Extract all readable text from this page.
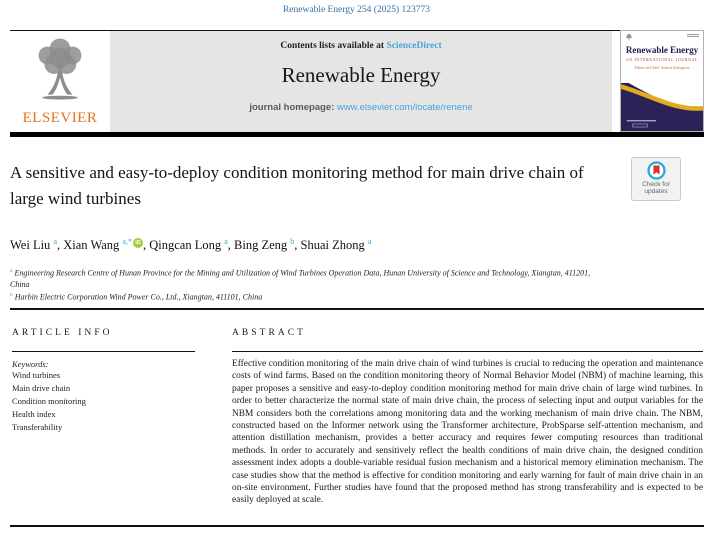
Renewable Energy 254 (2025) 123773
ELSEVIER
Contents lists available at ScienceDirect
Renewable Energy
journal homepage: www.elsevier.com/locate/renene
Renewable Energy
AN INTERNATIONAL JOURNAL
Editor-in-Chief: Soteris Kalogirou
A sensitive and easy-to-deploy condition monitoring method for main drive chain of large wind turbines
Check for updates
Wei Liu $^a$, Xian Wang $^{a,*}$ iD , Qingcan Long $^a$, Bing Zeng $^b$, Shuai Zhong $^a$
$^a$ Engineering Research Centre of Hunan Province for the Mining and Utilization of Wind Turbines Operation Data, Hunan University of Science and Technology, Xiangtan, 411201, China
$^b$ Harbin Electric Corporation Wind Power Co., Ltd., Xiangtan, 411101, China
ARTICLE INFO
Keywords:
Wind turbines
Main drive chain
Condition monitoring
Health index
Transferability
ABSTRACT
Effective condition monitoring of the main drive chain of wind turbines is crucial to reducing the operation and maintenance costs of wind farms. Based on the condition monitoring theory of Normal Behavior Model (NBM) of machine learning, this paper proposes a sensitive and easy-to-deploy condition monitoring method for main drive chain of large wind turbines. In order to better characterize the normal state of main drive chain, the process of selecting input and output variables for the NBM considers both the correlations among monitoring data and the working mechanism of main drive chain. The NBM, constructed based on the Informer network using the Transformer architecture, ProbSparse self-attention mechanism, and attention distillation mechanism, provides a better accuracy and requires fewer computing resources than traditional methods. In order to accurately and sensitively reflect the health conditions of main drive chain, the designed condition assessment index adopts a double-variable residual fusion mechanism and a historical memory elimination mechanism. The case studies show that the method is effective for condition monitoring and early warning for fault of main drive chain in an on-site environment. Further studies have found that the proposed method has strong transferability and is expected to be easily deployed at scale.
